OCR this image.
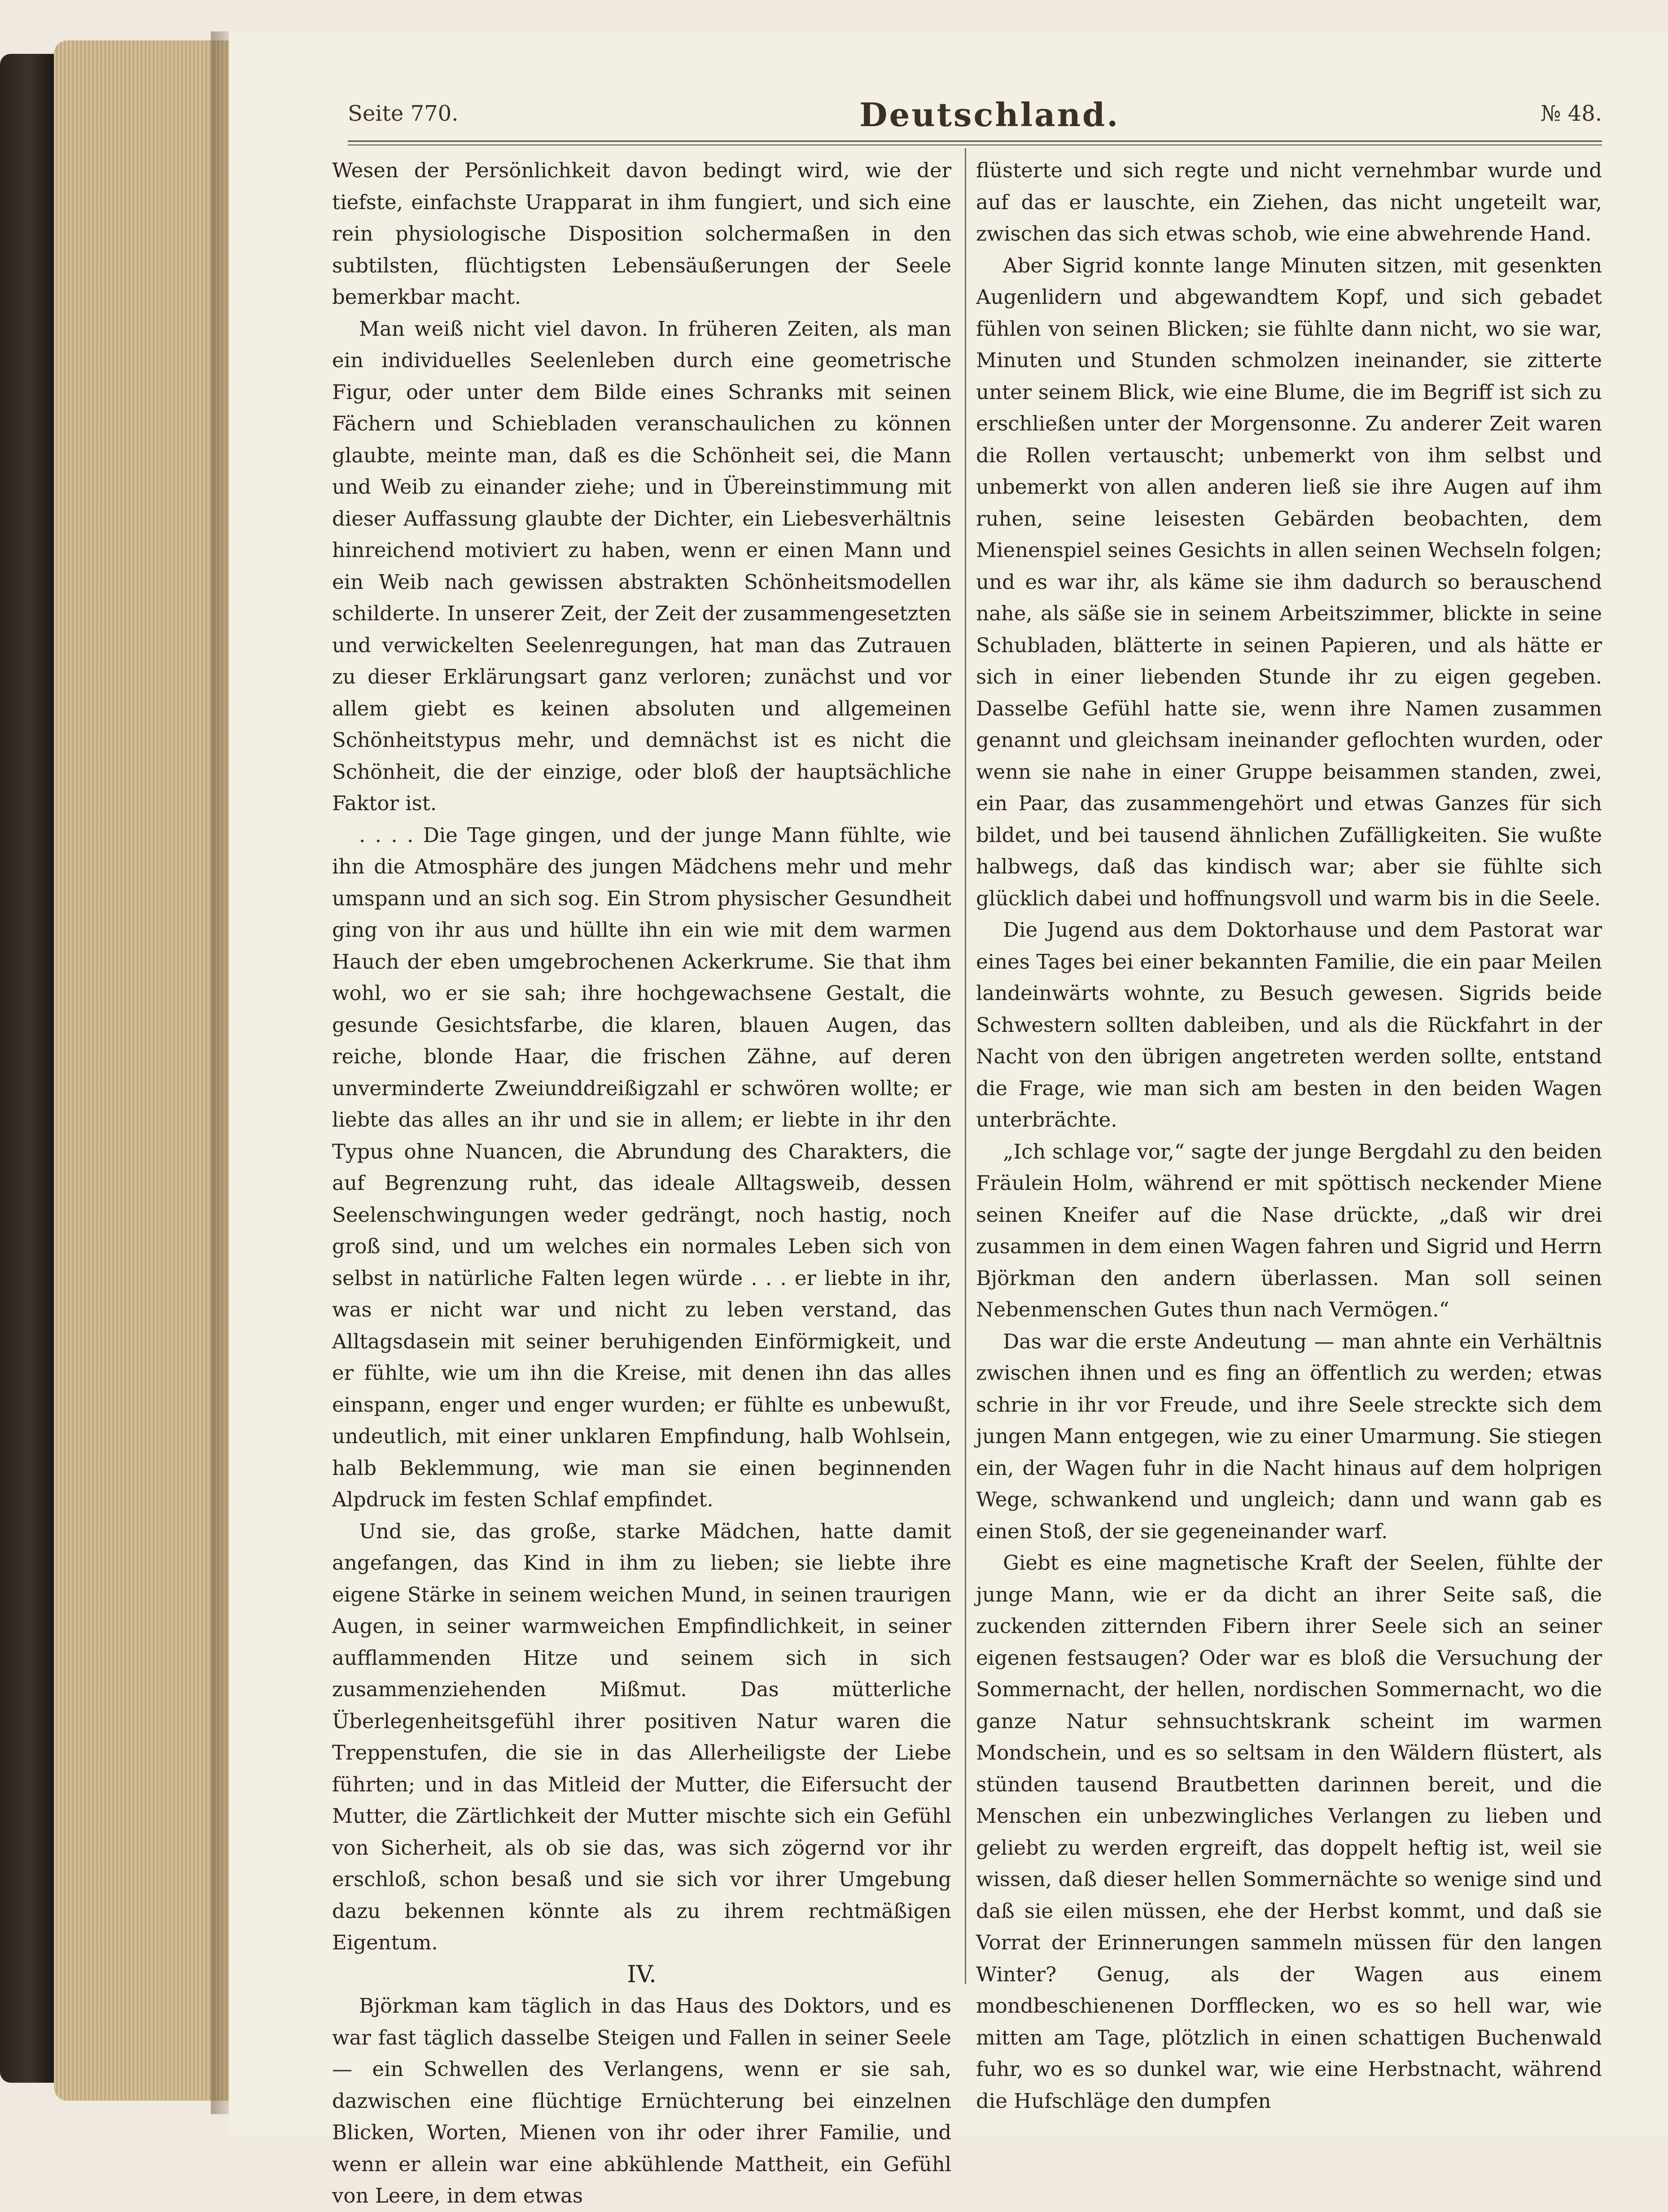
Seite 770.	Deutschland.	№ 48.

Wesen der Persönlichkeit davon bedingt wird, wie der tiefste, einfachste Urapparat in ihm fungiert, und sich eine rein physiologische Disposition solchermaßen in den subtilsten, flüchtigsten Lebensäußerungen der Seele bemerkbar macht.

Man weiß nicht viel davon. In früheren Zeiten, als man ein individuelles Seelenleben durch eine geometrische Figur, oder unter dem Bilde eines Schranks mit seinen Fächern und Schiebladen veranschaulichen zu können glaubte, meinte man, daß es die Schönheit sei, die Mann und Weib zu einander ziehe; und in Übereinstimmung mit dieser Auffassung glaubte der Dichter, ein Liebesverhältnis hinreichend motiviert zu haben, wenn er einen Mann und ein Weib nach gewissen abstrakten Schönheitsmodellen schilderte. In unserer Zeit, der Zeit der zusammengesetzten und verwickelten Seelenregungen, hat man das Zutrauen zu dieser Erklärungsart ganz verloren; zunächst und vor allem giebt es keinen absoluten und allgemeinen Schönheitstypus mehr, und demnächst ist es nicht die Schönheit, die der einzige, oder bloß der hauptsächliche Faktor ist.

. . . . Die Tage gingen, und der junge Mann fühlte, wie ihn die Atmosphäre des jungen Mädchens mehr und mehr umspann und an sich sog. Ein Strom physischer Gesundheit ging von ihr aus und hüllte ihn ein wie mit dem warmen Hauch der eben umgebrochenen Ackerkrume. Sie that ihm wohl, wo er sie sah; ihre hochgewachsene Gestalt, die gesunde Gesichtsfarbe, die klaren, blauen Augen, das reiche, blonde Haar, die frischen Zähne, auf deren unverminderte Zweiunddreißigzahl er schwören wollte; er liebte das alles an ihr und sie in allem; er liebte in ihr den Typus ohne Nuancen, die Abrundung des Charakters, die auf Begrenzung ruht, das ideale Alltagsweib, dessen Seelenschwingungen weder gedrängt, noch hastig, noch groß sind, und um welches ein normales Leben sich von selbst in natürliche Falten legen würde . . . er liebte in ihr, was er nicht war und nicht zu leben verstand, das Alltagsdasein mit seiner beruhigenden Einförmigkeit, und er fühlte, wie um ihn die Kreise, mit denen ihn das alles einspann, enger und enger wurden; er fühlte es unbewußt, undeutlich, mit einer unklaren Empfindung, halb Wohlsein, halb Beklemmung, wie man sie einen beginnenden Alpdruck im festen Schlaf empfindet.

Und sie, das große, starke Mädchen, hatte damit angefangen, das Kind in ihm zu lieben; sie liebte ihre eigene Stärke in seinem weichen Mund, in seinen traurigen Augen, in seiner warmweichen Empfindlichkeit, in seiner aufflammenden Hitze und seinem sich in sich zusammenziehenden Mißmut. Das mütterliche Überlegenheitsgefühl ihrer positiven Natur waren die Treppenstufen, die sie in das Allerheiligste der Liebe führten; und in das Mitleid der Mutter, die Eifersucht der Mutter, die Zärtlichkeit der Mutter mischte sich ein Gefühl von Sicherheit, als ob sie das, was sich zögernd vor ihr erschloß, schon besaß und sie sich vor ihrer Umgebung dazu bekennen könnte als zu ihrem rechtmäßigen Eigentum.

IV.

Björkman kam täglich in das Haus des Doktors, und es war fast täglich dasselbe Steigen und Fallen in seiner Seele — ein Schwellen des Verlangens, wenn er sie sah, dazwischen eine flüchtige Ernüchterung bei einzelnen Blicken, Worten, Mienen von ihr oder ihrer Familie, und wenn er allein war eine abkühlende Mattheit, ein Gefühl von Leere, in dem etwas

flüsterte und sich regte und nicht vernehmbar wurde und auf das er lauschte, ein Ziehen, das nicht ungeteilt war, zwischen das sich etwas schob, wie eine abwehrende Hand.

Aber Sigrid konnte lange Minuten sitzen, mit gesenkten Augenlidern und abgewandtem Kopf, und sich gebadet fühlen von seinen Blicken; sie fühlte dann nicht, wo sie war, Minuten und Stunden schmolzen ineinander, sie zitterte unter seinem Blick, wie eine Blume, die im Begriff ist sich zu erschließen unter der Morgensonne. Zu anderer Zeit waren die Rollen vertauscht; unbemerkt von ihm selbst und unbemerkt von allen anderen ließ sie ihre Augen auf ihm ruhen, seine leisesten Gebärden beobachten, dem Mienenspiel seines Gesichts in allen seinen Wechseln folgen; und es war ihr, als käme sie ihm dadurch so berauschend nahe, als säße sie in seinem Arbeitszimmer, blickte in seine Schubladen, blätterte in seinen Papieren, und als hätte er sich in einer liebenden Stunde ihr zu eigen gegeben. Dasselbe Gefühl hatte sie, wenn ihre Namen zusammen genannt und gleichsam ineinander geflochten wurden, oder wenn sie nahe in einer Gruppe beisammen standen, zwei, ein Paar, das zusammengehört und etwas Ganzes für sich bildet, und bei tausend ähnlichen Zufälligkeiten. Sie wußte halbwegs, daß das kindisch war; aber sie fühlte sich glücklich dabei und hoffnungsvoll und warm bis in die Seele.

Die Jugend aus dem Doktorhause und dem Pastorat war eines Tages bei einer bekannten Familie, die ein paar Meilen landeinwärts wohnte, zu Besuch gewesen. Sigrids beide Schwestern sollten dableiben, und als die Rückfahrt in der Nacht von den übrigen angetreten werden sollte, entstand die Frage, wie man sich am besten in den beiden Wagen unterbrächte.

„Ich schlage vor,“ sagte der junge Bergdahl zu den beiden Fräulein Holm, während er mit spöttisch neckender Miene seinen Kneifer auf die Nase drückte, „daß wir drei zusammen in dem einen Wagen fahren und Sigrid und Herrn Björkman den andern überlassen. Man soll seinen Nebenmenschen Gutes thun nach Vermögen.“

Das war die erste Andeutung — man ahnte ein Verhältnis zwischen ihnen und es fing an öffentlich zu werden; etwas schrie in ihr vor Freude, und ihre Seele streckte sich dem jungen Mann entgegen, wie zu einer Umarmung. Sie stiegen ein, der Wagen fuhr in die Nacht hinaus auf dem holprigen Wege, schwankend und ungleich; dann und wann gab es einen Stoß, der sie gegeneinander warf.

Giebt es eine magnetische Kraft der Seelen, fühlte der junge Mann, wie er da dicht an ihrer Seite saß, die zuckenden zitternden Fibern ihrer Seele sich an seiner eigenen festsaugen? Oder war es bloß die Versuchung der Sommernacht, der hellen, nordischen Sommernacht, wo die ganze Natur sehnsuchtskrank scheint im warmen Mondschein, und es so seltsam in den Wäldern flüstert, als stünden tausend Brautbetten darinnen bereit, und die Menschen ein unbezwingliches Verlangen zu lieben und geliebt zu werden ergreift, das doppelt heftig ist, weil sie wissen, daß dieser hellen Sommernächte so wenige sind und daß sie eilen müssen, ehe der Herbst kommt, und daß sie Vorrat der Erinnerungen sammeln müssen für den langen Winter? Genug, als der Wagen aus einem mondbeschienenen Dorfflecken, wo es so hell war, wie mitten am Tage, plötzlich in einen schattigen Buchenwald fuhr, wo es so dunkel war, wie eine Herbstnacht, während die Hufschläge den dumpfen
